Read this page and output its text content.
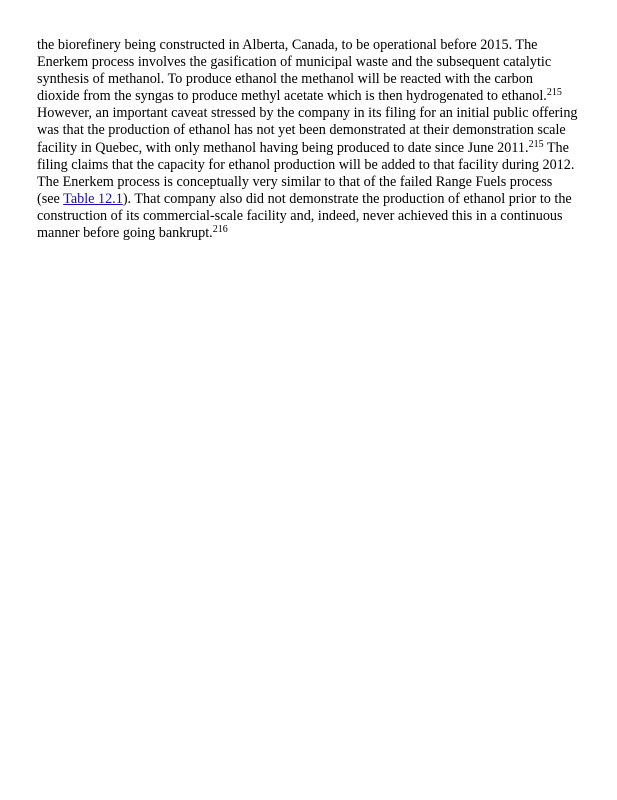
the biorefinery being constructed in Alberta, Canada, to be operational before 2015. The
Enerkem process involves the gasification of municipal waste and the subsequent catalytic
synthesis of methanol. To produce ethanol the methanol will be reacted with the carbon
dioxide from the syngas to produce methyl acetate which is then hydrogenated to ethanol.$^{215}$
However, an important caveat stressed by the company in its filing for an initial public offering
was that the production of ethanol has not yet been demonstrated at their demonstration scale
facility in Quebec, with only methanol having being produced to date since June 2011.$^{215}$ The
filing claims that the capacity for ethanol production will be added to that facility during 2012.
The Enerkem process is conceptually very similar to that of the failed Range Fuels process
(see Table 12.1). That company also did not demonstrate the production of ethanol prior to the
construction of its commercial-scale facility and, indeed, never achieved this in a continuous
manner before going bankrupt.$^{216}$
